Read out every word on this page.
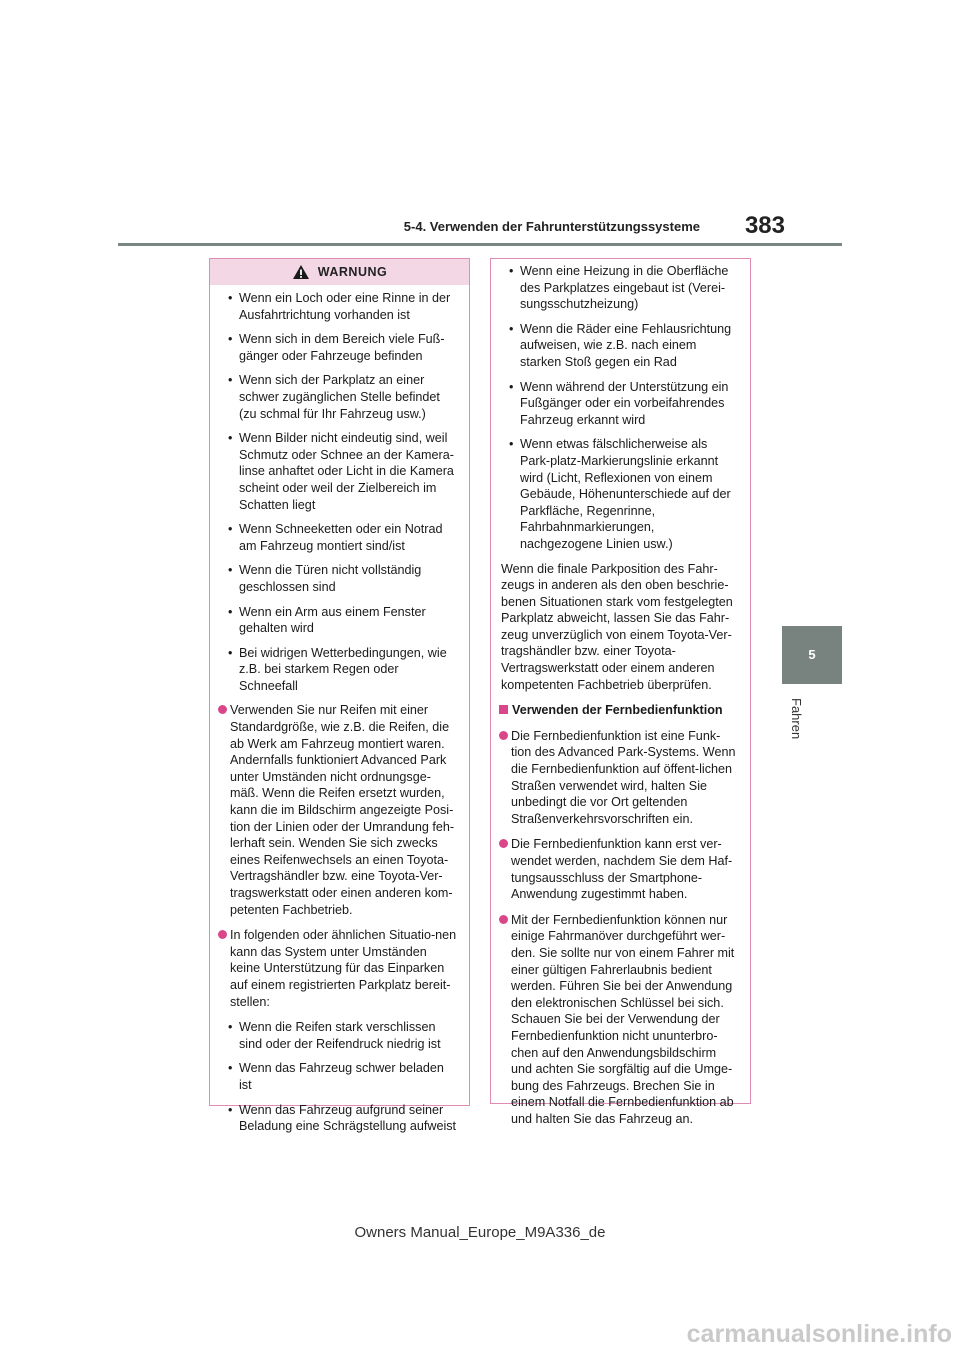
5-4. Verwenden der Fahrunterstützungssysteme	383
5
Fahren
WARNUNG
• Wenn ein Loch oder eine Rinne in der Ausfahrtrichtung vorhanden ist
• Wenn sich in dem Bereich viele Fuß-gänger oder Fahrzeuge befinden
• Wenn sich der Parkplatz an einer schwer zugänglichen Stelle befindet (zu schmal für Ihr Fahrzeug usw.)
• Wenn Bilder nicht eindeutig sind, weil Schmutz oder Schnee an der Kamera-linse anhaftet oder Licht in die Kamera scheint oder weil der Zielbereich im Schatten liegt
• Wenn Schneeketten oder ein Notrad am Fahrzeug montiert sind/ist
• Wenn die Türen nicht vollständig geschlossen sind
• Wenn ein Arm aus einem Fenster gehalten wird
• Bei widrigen Wetterbedingungen, wie z.B. bei starkem Regen oder Schneefall
Verwenden Sie nur Reifen mit einer Standardgröße, wie z.B. die Reifen, die ab Werk am Fahrzeug montiert waren. Andernfalls funktioniert Advanced Park unter Umständen nicht ordnungsge-mäß. Wenn die Reifen ersetzt wurden, kann die im Bildschirm angezeigte Posi-tion der Linien oder der Umrandung feh-lerhaft sein. Wenden Sie sich zwecks eines Reifenwechsels an einen Toyota-Vertragshändler bzw. eine Toyota-Ver-tragswerkstatt oder einen anderen kom-petenten Fachbetrieb.
In folgenden oder ähnlichen Situatio-nen kann das System unter Umständen keine Unterstützung für das Einparken auf einem registrierten Parkplatz bereit-stellen:
• Wenn die Reifen stark verschlissen sind oder der Reifendruck niedrig ist
• Wenn das Fahrzeug schwer beladen ist
• Wenn das Fahrzeug aufgrund seiner Beladung eine Schrägstellung aufweist
• Wenn eine Heizung in die Oberfläche des Parkplatzes eingebaut ist (Verei-sungsschutzheizung)
• Wenn die Räder eine Fehlausrichtung aufweisen, wie z.B. nach einem starken Stoß gegen ein Rad
• Wenn während der Unterstützung ein Fußgänger oder ein vorbeifahrendes Fahrzeug erkannt wird
• Wenn etwas fälschlicherweise als Park-platz-Markierungslinie erkannt wird (Licht, Reflexionen von einem Gebäude, Höhenunterschiede auf der Parkfläche, Regenrinne, Fahrbahnmarkierungen, nachgezogene Linien usw.)
Wenn die finale Parkposition des Fahr-zeugs in anderen als den oben beschrie-benen Situationen stark vom festgelegten Parkplatz abweicht, lassen Sie das Fahr-zeug unverzüglich von einem Toyota-Ver-tragshändler bzw. einer Toyota-Vertragswerkstatt oder einem anderen kompetenten Fachbetrieb überprüfen.
Verwenden der Fernbedienfunktion
Die Fernbedienfunktion ist eine Funk-tion des Advanced Park-Systems. Wenn die Fernbedienfunktion auf öffent-lichen Straßen verwendet wird, halten Sie unbedingt die vor Ort geltenden Straßenverkehrsvorschriften ein.
Die Fernbedienfunktion kann erst ver-wendet werden, nachdem Sie dem Haf-tungsausschluss der Smartphone-Anwendung zugestimmt haben.
Mit der Fernbedienfunktion können nur einige Fahrmanöver durchgeführt wer-den. Sie sollte nur von einem Fahrer mit einer gültigen Fahrerlaubnis bedient werden. Führen Sie bei der Anwendung den elektronischen Schlüssel bei sich. Schauen Sie bei der Verwendung der Fernbedienfunktion nicht ununterbro-chen auf den Anwendungsbildschirm und achten Sie sorgfältig auf die Umge-bung des Fahrzeugs. Brechen Sie in einem Notfall die Fernbedienfunktion ab und halten Sie das Fahrzeug an.
Owners Manual_Europe_M9A336_de
carmanualsonline.info
